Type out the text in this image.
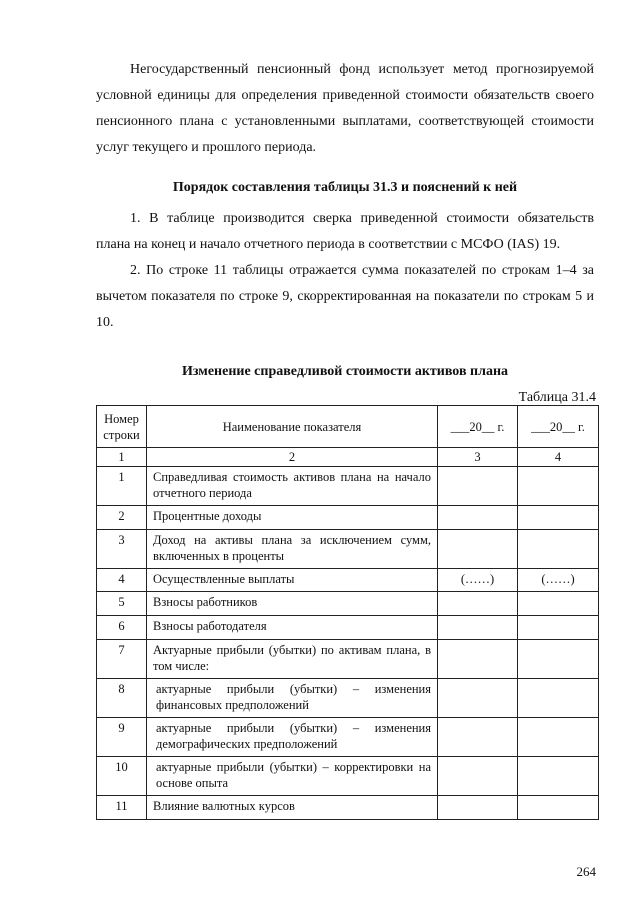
Негосударственный пенсионный фонд использует метод прогнозируемой условной единицы для определения приведенной стоимости обязательств своего пенсионного плана с установленными выплатами, соответствующей стоимости услуг текущего и прошлого периода.

Порядок составления таблицы 31.3 и пояснений к ней

1. В таблице производится сверка приведенной стоимости обязательств плана на конец и начало отчетного периода в соответствии с МСФО (IAS) 19.

2. По строке 11 таблицы отражается сумма показателей по строкам 1–4 за вычетом показателя по строке 9, скорректированная на показатели по строкам 5 и 10.

Изменение справедливой стоимости активов плана

Таблица 31.4
Номер строки	Наименование показателя	___20__ г.	___20__ г.
1	2	3	4
1	Справедливая стоимость активов плана на начало отчетного периода		
2	Процентные доходы		
3	Доход на активы плана за исключением сумм, включенных в проценты		
4	Осуществленные выплаты	(……)	(……)
5	Взносы работников		
6	Взносы работодателя		
7	Актуарные прибыли (убытки) по активам плана, в том числе:		
8	актуарные прибыли (убытки) – изменения финансовых предположений		
9	актуарные прибыли (убытки) – изменения демографических предположений		
10	актуарные прибыли (убытки) – корректировки на основе опыта		
11	Влияние валютных курсов		
264
